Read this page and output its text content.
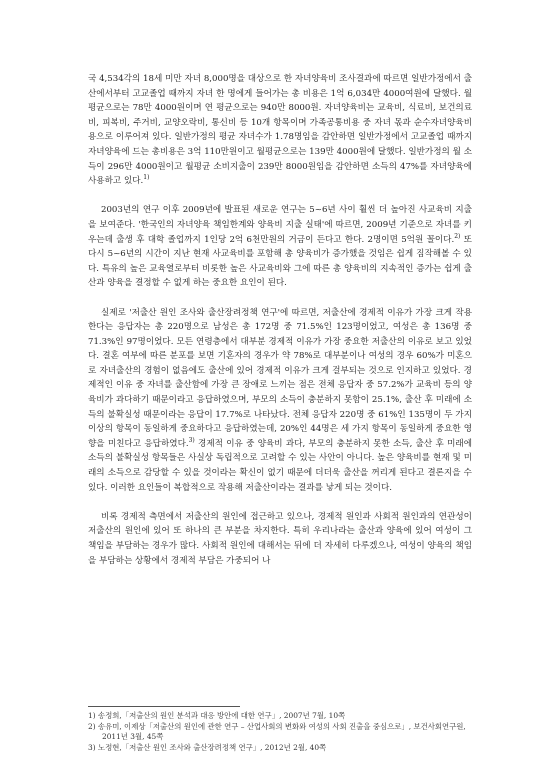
국 4,534각의 18세 미만 자녀 8,000명을 대상으로 한 자녀양육비 조사결과에 따르면 일반가정에서 출산에서부터 고교졸업 때까지 자녀 한 명에게 들어가는 총 비용은 1억 6,034만 4000여원에 달했다. 월 평균으로는 78만 4000원이며 연 평균으로는 940만 8000원. 자녀양육비는 교육비, 식료비, 보건의료비, 피복비, 주거비, 교양오락비, 통신비 등 10개 항목이며 가족공통비용 중 자녀 몫과 순수자녀양육비용으로 이루어져 있다. 일반가정의 평균 자녀수가 1.78명임을 감안하면 일반가정에서 고교졸업 때까지 자녀양육에 드는 총비용은 3억 110만원이고 월평균으로는 139만 4000원에 달했다. 일반가정의 월 소득이 296만 4000원이고 월평균 소비지출이 239만 8000원임을 감안하면 소득의 47%를 자녀양육에 사용하고 있다.$^{1)}$

2003년의 연구 이후 2009년에 발표된 새로운 연구는 5~6년 사이 훨씬 더 높아진 사교육비 지출을 보여준다. '한국인의 자녀양육 책임한계와 양육비 지출 실태'에 따르면, 2009년 기준으로 자녀를 키우는데 출생 후 대학 졸업까지 1인당 2억 6천만원의 거금이 든다고 한다. 2명이면 5억원 꼴이다.$^{2)}$ 또 다시 5~6년의 시간이 지난 현재 사교육비를 포함해 총 양육비가 증가했을 것임은 쉽게 짐작해볼 수 있다. 특유의 높은 교육열로부터 비롯한 높은 사교육비와 그에 따른 총 양육비의 지속적인 증가는 쉽게 출산과 양육을 결정할 수 없게 하는 중요한 요인이 된다.

실제로 '저출산 원인 조사와 출산장려정책 연구'에 따르면, 저출산에 경제적 이유가 가장 크게 작용한다는 응답자는 총 220명으로 남성은 총 172명 중 71.5%인 123명이었고, 여성은 총 136명 중 71.3%인 97명이었다. 모든 연령층에서 대부분 경제적 이유가 가장 중요한 저출산의 이유로 보고 있었다. 결혼 여부에 따른 분포를 보면 기혼자의 경우가 약 78%로 대부분이나 여성의 경우 60%가 미혼으로 자녀출산의 경험이 없음에도 출산에 있어 경제적 이유가 크게 걸부되는 것으로 인지하고 있었다. 경제적인 이유 중 자녀를 출산함에 가장 큰 장애로 느끼는 점은 전체 응답자 중 57.2%가 교육비 등의 양육비가 과다하기 때문이라고 응답하였으며, 부모의 소득이 충분하지 못함이 25.1%, 출산 후 미래에 소득의 불확실성 때문이라는 응답이 17.7%로 나타났다. 전체 응답자 220명 중 61%인 135명이 두 가지 이상의 항목이 동일하게 중요하다고 응답하였는데, 20%인 44명은 세 가지 항목이 동일하게 중요한 영향을 미친다고 응답하였다.$^{3)}$ 경제적 이유 중 양육비 과다, 부모의 충분하지 못한 소득, 출산 후 미래에 소득의 불확실성 항목들은 사실상 독립적으로 고려할 수 있는 사안이 아니다. 높은 양육비를 현재 및 미래의 소득으로 감당할 수 있을 것이라는 확신이 없기 때문에 더더욱 출산을 꺼리게 된다고 결론지을 수 있다. 이러한 요인들이 복합적으로 작용해 저출산이라는 결과를 낳게 되는 것이다.

비록 경제적 측면에서 저출산의 원인에 접근하고 있으나, 경제적 원인과 사회적 원인과의 연관성이 저출산의 원인에 있어 또 하나의 큰 부분을 차지한다. 특히 우리나라는 출산과 양육에 있어 여성이 그 책임을 부담하는 경우가 많다. 사회적 원인에 대해서는 뒤에 더 자세히 다루겠으나, 여성이 양육의 책임을 부담하는 상황에서 경제적 부담은 가중되어 나

1) 송정희,「저출산의 원인 분석과 대응 방안에 대한 연구」, 2007년 7월, 10쪽
2) 송유미, 이제상「저출산의 원인에 관한 연구 – 산업사회의 변화와 여성의 사회 진출을 중심으로」, 보건사회연구원, 2011년 3월, 45쪽
3) 노정현,「저출산 원인 조사와 출산장려정책 연구」, 2012년 2월, 40쪽
